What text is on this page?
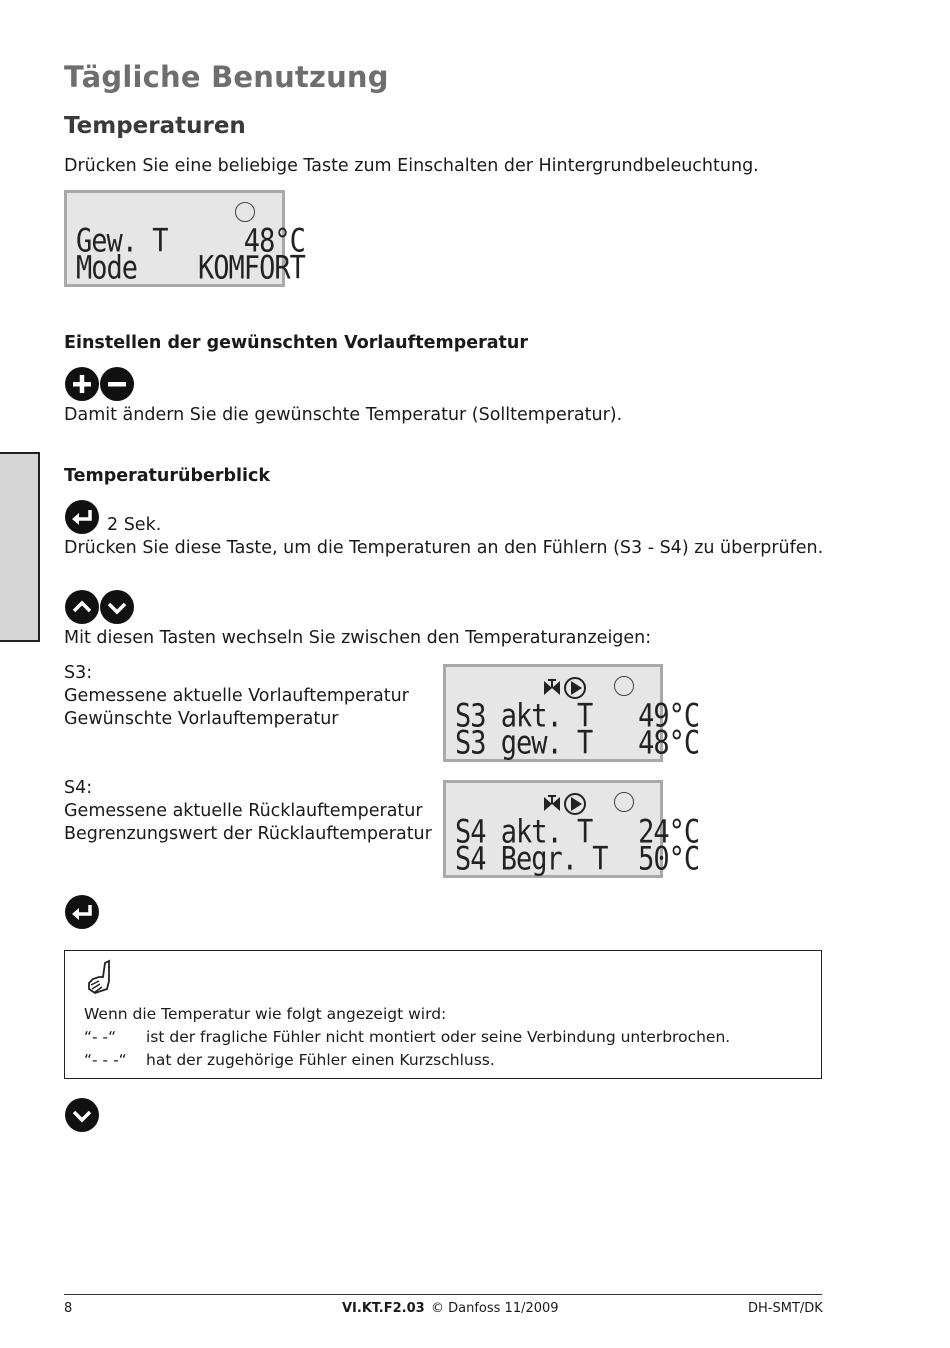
Tägliche Benutzung
Temperaturen
Drücken Sie eine beliebige Taste zum Einschalten der Hintergrundbeleuchtung.
Gew. T     48°C
Mode    KOMFORT
Einstellen der gewünschten Vorlauftemperatur
Damit ändern Sie die gewünschte Temperatur (Solltemperatur).
Temperaturüberblick
2 Sek.
Drücken Sie diese Taste, um die Temperaturen an den Fühlern (S3 - S4) zu überprüfen.
Mit diesen Tasten wechseln Sie zwischen den Temperaturanzeigen:
S3:
Gemessene aktuelle Vorlauftemperatur
Gewünschte Vorlauftemperatur	S3 akt. T   49°C
S3 gew. T   48°C
S4:
Gemessene aktuelle Rücklauftemperatur
Begrenzungswert der Rücklauftemperatur S4 akt. T   24°C
S4 Begr. T  50°C
Wenn die Temperatur wie folgt angezeigt wird:
“- -“ ist der fragliche Fühler nicht montiert oder seine Verbindung unterbrochen.
“- - -“ hat der zugehörige Fühler einen Kurzschluss.
8	VI.KT.F2.03 © Danfoss 11/2009	DH-SMT/DK
